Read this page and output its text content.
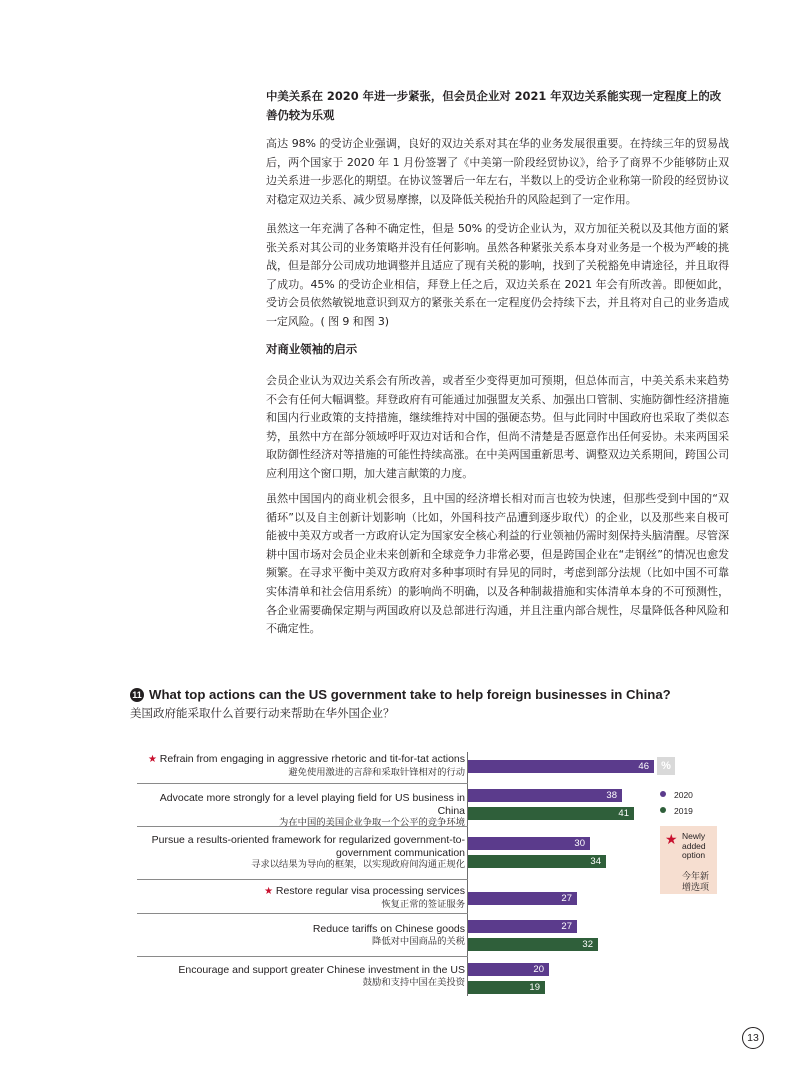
中美关系在 2020 年进一步紧张，但会员企业对 2021 年双边关系能实现一定程度上的改善仍较为乐观

高达 98% 的受访企业强调，良好的双边关系对其在华的业务发展很重要。在持续三年的贸易战后，两个国家于 2020 年 1 月份签署了《中美第一阶段经贸协议》，给予了商界不少能够防止双边关系进一步恶化的期望。在协议签署后一年左右，半数以上的受访企业称第一阶段的经贸协议对稳定双边关系、减少贸易摩擦，以及降低关税抬升的风险起到了一定作用。

虽然这一年充满了各种不确定性，但是 50% 的受访企业认为，双方加征关税以及其他方面的紧张关系对其公司的业务策略并没有任何影响。虽然各种紧张关系本身对业务是一个极为严峻的挑战，但是部分公司成功地调整并且适应了现有关税的影响，找到了关税豁免申请途径，并且取得了成功。45% 的受访企业相信，拜登上任之后，双边关系在 2021 年会有所改善。即便如此，受访会员依然敏锐地意识到双方的紧张关系在一定程度仍会持续下去，并且将对自己的业务造成一定风险。( 图 9 和图 3)

对商业领袖的启示

会员企业认为双边关系会有所改善，或者至少变得更加可预期，但总体而言，中美关系未来趋势不会有任何大幅调整。拜登政府有可能通过加强盟友关系、加强出口管制、实施防御性经济措施和国内行业政策的支持措施，继续维持对中国的强硬态势。但与此同时中国政府也采取了类似态势，虽然中方在部分领域呼吁双边对话和合作，但尚不清楚是否愿意作出任何妥协。未来两国采取防御性经济对等措施的可能性持续高涨。在中美两国重新思考、调整双边关系期间，跨国公司应利用这个窗口期，加大建言献策的力度。

虽然中国国内的商业机会很多，且中国的经济增长相对而言也较为快速，但那些受到中国的“双循环”以及自主创新计划影响（比如，外国科技产品遭到逐步取代）的企业，以及那些来自极可能被中美双方或者一方政府认定为国家安全核心利益的行业领袖仍需时刻保持头脑清醒。尽管深耕中国市场对会员企业未来创新和全球竞争力非常必要，但是跨国企业在“走钢丝”的情况也愈发频繁。在寻求平衡中美双方政府对多种事项时有异见的同时，考虑到部分法规（比如中国不可靠实体清单和社会信用系统）的影响尚不明确，以及各种制裁措施和实体清单本身的不可预测性，各企业需要确保定期与两国政府以及总部进行沟通，并且注重内部合规性，尽量降低各种风险和不确定性。

11 What top actions can the US government take to help foreign businesses in China?
美国政府能采取什么首要行动来帮助在华外国企业？
★ Refrain from engaging in aggressive rhetoric and tit-for-tat actions
避免使用激进的言辞和采取针锋相对的行动	46
Advocate more strongly for a level playing field for US business in China
为在中国的美国企业争取一个公平的竞争环境
38
41
Pursue a results-oriented framework for regularized government-to-government communication
寻求以结果为导向的框架，以实现政府间沟通正规化
30
34
★ Restore regular visa processing services
恢复正常的签证服务	27
Reduce tariffs on Chinese goods
降低对中国商品的关税
27
32
Encourage and support greater Chinese investment in the US
鼓励和支持中国在美投资
20
19
%
2020
2019
★ Newly added option
今年新增选项
13
